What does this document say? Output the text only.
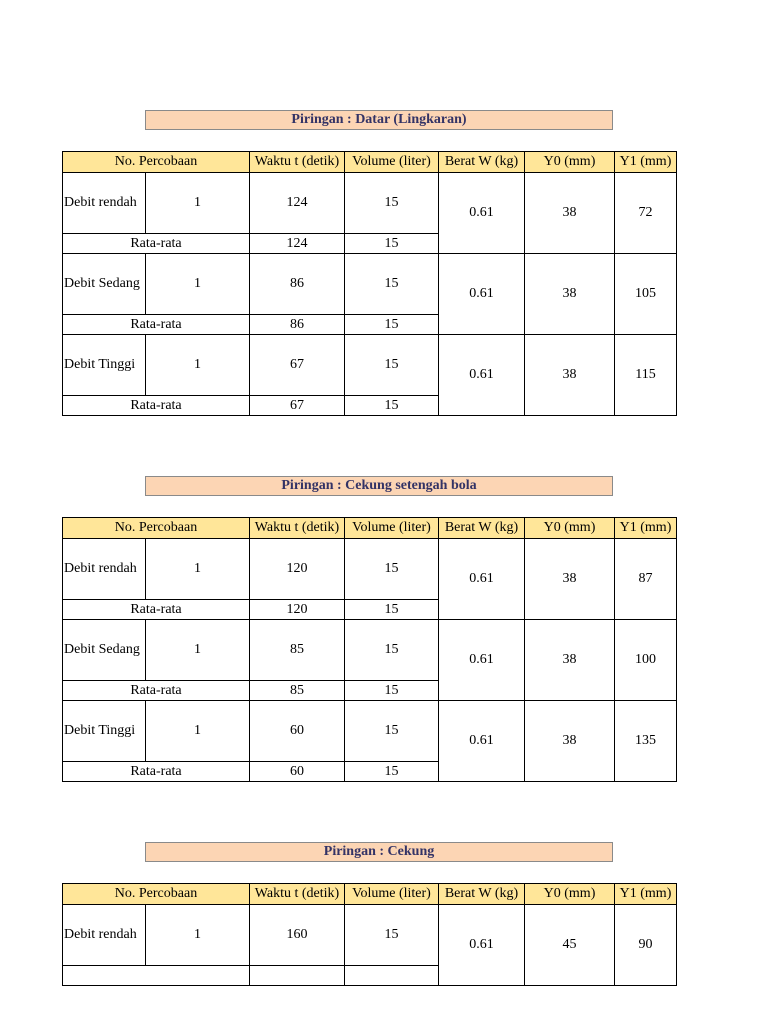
Piringan : Datar (Lingkaran)
No. Percobaan		Waktu t (detik)	Volume (liter)	Berat W (kg)	Y0 (mm)	Y1 (mm)
Debit rendah	1	124	15	0.61	38	72
Rata-rata		124	15			
Debit Sedang	1	86	15	0.61	38	105
Rata-rata		86	15			
Debit Tinggi	1	67	15	0.61	38	115
Rata-rata		67	15			
Piringan : Cekung setengah bola
No. Percobaan		Waktu t (detik)	Volume (liter)	Berat W (kg)	Y0 (mm)	Y1 (mm)
Debit rendah	1	120	15	0.61	38	87
Rata-rata		120	15			
Debit Sedang	1	85	15	0.61	38	100
Rata-rata		85	15			
Debit Tinggi	1	60	15	0.61	38	135
Rata-rata		60	15			
Piringan : Cekung
No. Percobaan		Waktu t (detik)	Volume (liter)	Berat W (kg)	Y0 (mm)	Y1 (mm)
Debit rendah	1	160	15	0.61	45	90
